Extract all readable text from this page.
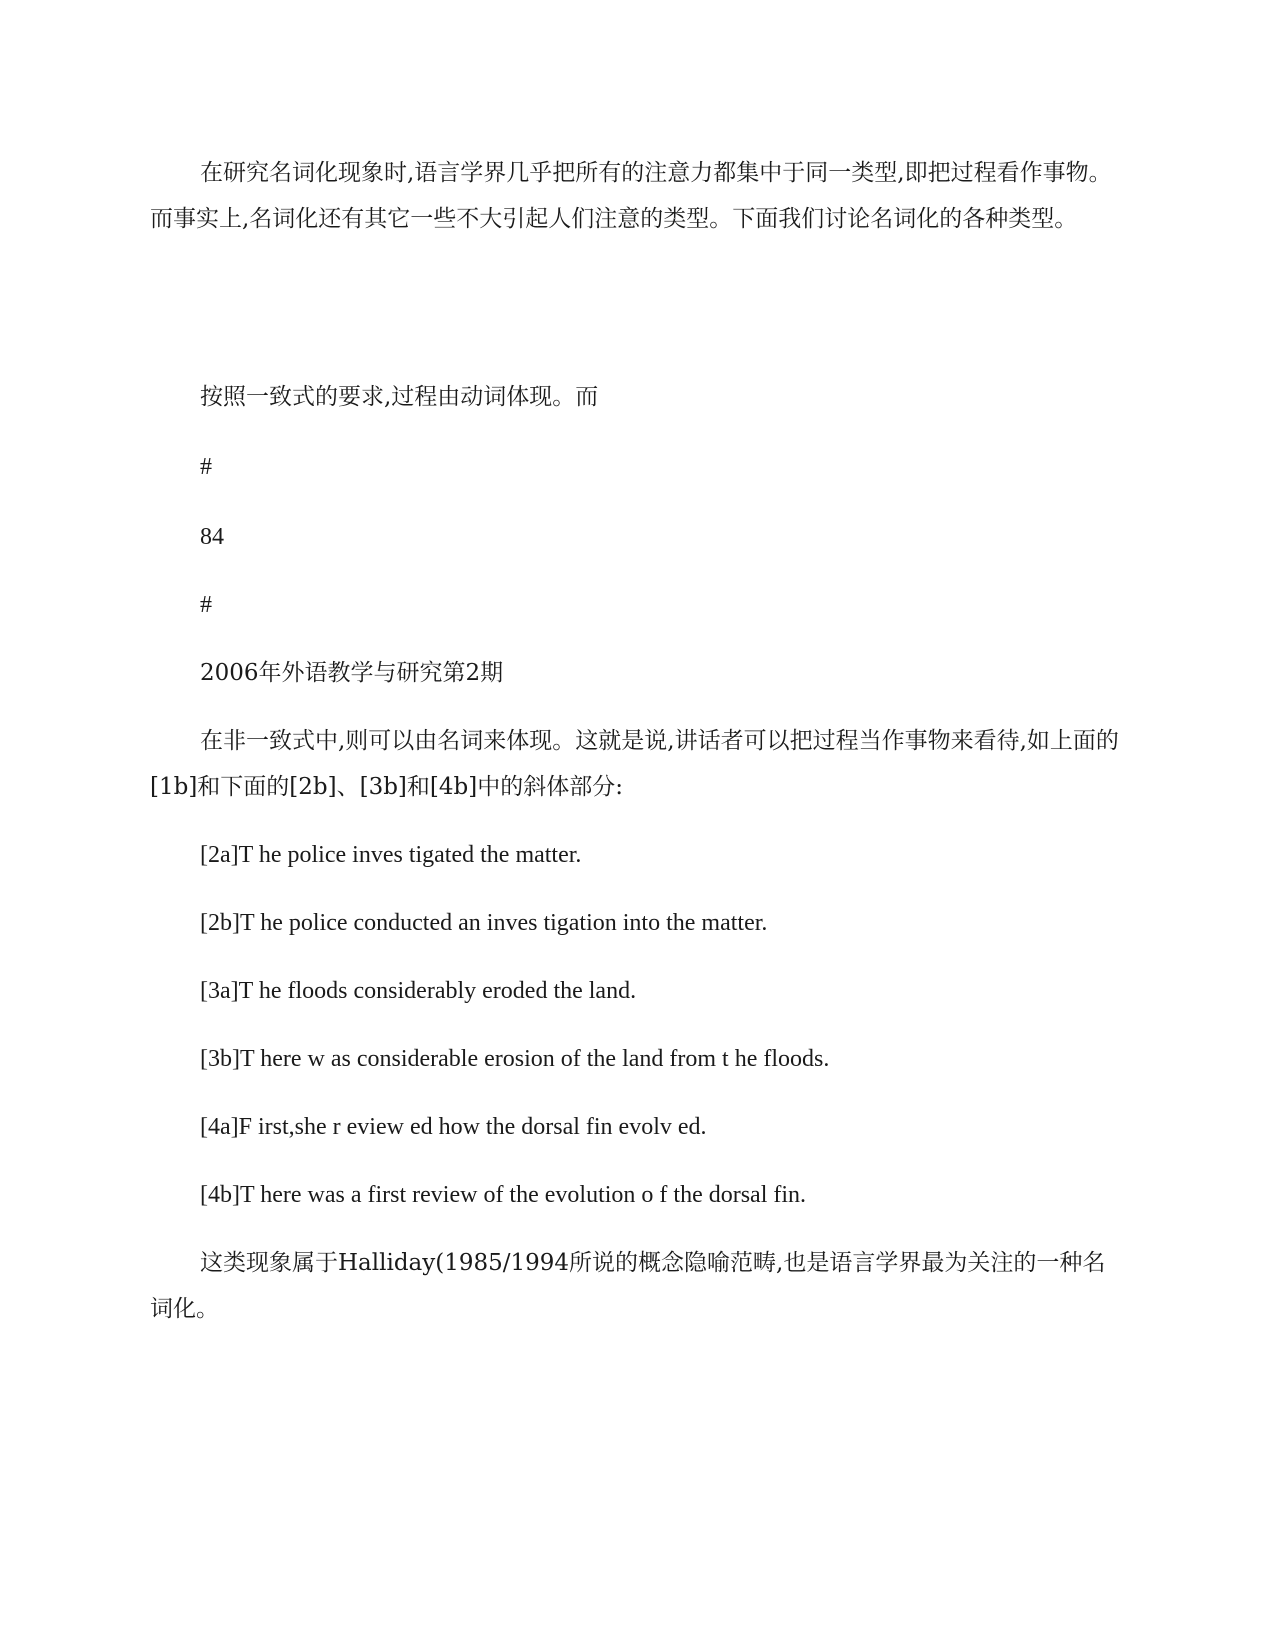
在研究名词化现象时,语言学界几乎把所有的注意力都集中于同一类型,即把过程看作事物。而事实上,名词化还有其它一些不大引起人们注意的类型。下面我们讨论名词化的各种类型。

按照一致式的要求,过程由动词体现。而

#

84

#

2006年外语教学与研究第2期

在非一致式中,则可以由名词来体现。这就是说,讲话者可以把过程当作事物来看待,如上面的[1b]和下面的[2b]、[3b]和[4b]中的斜体部分:

[2a]T he police inves tigated the matter.

[2b]T he police conducted an inves tigation into the matter.

[3a]T he floods considerably eroded the land.

[3b]T here w as considerable erosion of the land from t he floods.

[4a]F irst,she r eview ed how the dorsal fin evolv ed.

[4b]T here was a first review of the evolution o f the dorsal fin.

这类现象属于Halliday(1985/1994所说的概念隐喻范畴,也是语言学界最为关注的一种名词化。
